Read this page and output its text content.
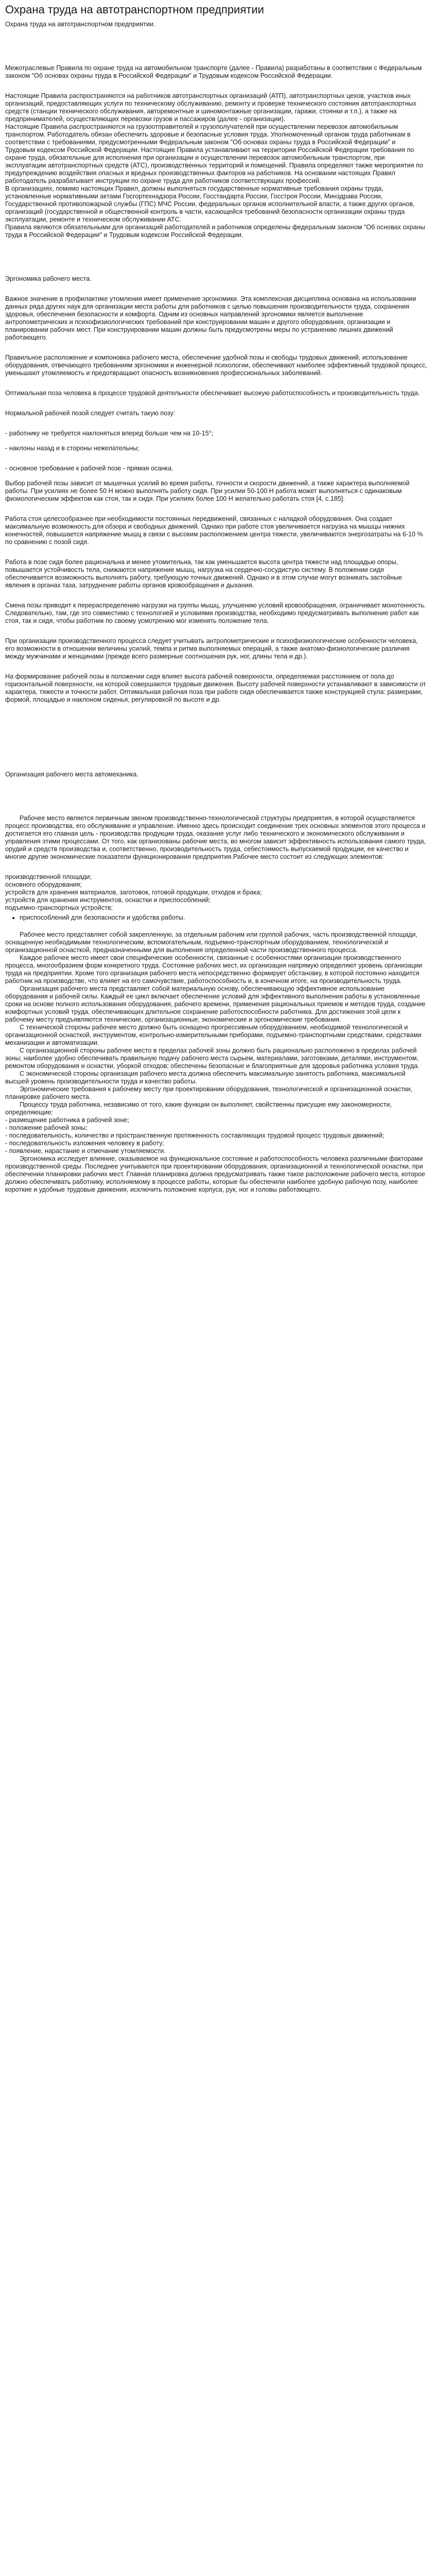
Охрана труда на автотранспортном предприятии

Охрана труда на автотранспортном предприятии.

Межотраслевые Правила по охране труда на автомобильном транспорте (далее - Правила) разработаны в соответствии с Федеральным законом "Об основах охраны труда в Российской Федерации" и Трудовым кодексом Российской Федерации.

Настоящие Правила распространяются на работников автотранспортных организаций (АТП), автотранспортных цехов, участков иных организаций, предоставляющих услуги по техническому обслуживанию, ремонту и проверке технического состояния автотранспортных средств (станции технического обслуживания, авторемонтные и шиномонтажные организации, гаражи, стоянки и т.п.), а также на предпринимателей, осуществляющих перевозки грузов и пассажиров (далее - организации).

Настоящие Правила распространяются на грузоотправителей и грузополучателей при осуществлении перевозок автомобильным транспортом. Работодатель обязан обеспечить здоровые и безопасные условия труда. Уполномоченный органом труда работникам в соответствии с требованиями, предусмотренными Федеральным законом "Об основах охраны труда в Российской Федерации" и Трудовым кодексом Российской Федерации. Настоящие Правила устанавливают на территории Российской Федерации требования по охране труда, обязательные для исполнения при организации и осуществлении перевозок автомобильным транспортом, при эксплуатации автотранспортных средств (АТС), производственных территорий и помещений. Правила определяют также мероприятия по предупреждению воздействия опасных и вредных производственных факторов на работников. На основании настоящих Правил работодатель разрабатывает инструкции по охране труда для работников соответствующих профессий.

В организациях, помимо настоящих Правил, должны выполняться государственные нормативные требования охраны труда, установленные нормативными актами Госгортехнадзора России, Госстандарта России, Госстроя России, Минздрава России, Государственной противопожарной службы (ГПС) МЧС России, федеральных органов исполнительной власти, а также других органов, организаций (государственной и общественной контроль в части, касающейся требований безопасности организации охраны труда эксплуатации, ремонте и техническом обслуживании АТС.

Правила являются обязательными для организаций работодателей и работников определены федеральным законом "Об основах охраны труда в Российской Федерации" и Трудовым кодексом Российской Федерации.

Эргономика рабочего места.

Важное значение в профилактике утомления имеет применение эргономики. Эта комплексная дисциплина основана на использовании данных ряда других наук для организации места работы для работников с целью повышения производительности труда, сохранения здоровья, обеспечения безопасности и комфорта. Одним из основных направлений эргономики является выполнение антропометрических и психофизиологических требований при конструировании машин и другого оборудования, организации и планировании рабочих мест. При конструировании машин должны быть предусмотрены меры по устранению лишних движений работающего.

Правильное расположение и компоновка рабочего места, обеспечение удобной позы и свободы трудовых движений, использование оборудования, отвечающего требованиям эргономики и инженерной психологии, обеспечивают наиболее эффективный трудовой процесс, уменьшают утомляемость и предотвращают опасность возникновения профессиональных заболеваний.

Оптимальная поза человека в процессе трудовой деятельности обеспечивает высокую работоспособность и производительность труда.

Нормальной рабочей позой следует считать такую позу:

- работнику не требуется наклоняться вперед больше чем на 10-15°;

- наклоны назад и в стороны нежелательны;

- основное требование к рабочей позе - прямая осанка.

Выбор рабочей позы зависит от мышечных усилий во время работы, точности и скорости движений, а также характера выполняемой работы. При усилиях не более 50 Н можно выполнять работу сидя. При усилии 50-100 Н работа может выполняться с одинаковым физиологическим эффектом как стоя, так и сидя. При усилиях более 100 Н желательно работать стоя [4, с.185].

Работа стоя целесообразнее при необходимости постоянных передвижений, связанных с наладкой оборудования. Она создает максимальную возможность для обзора и свободных движений. Однако при работе стоя увеличивается нагрузка на мышцы нижних конечностей, повышается напряжение мышц в связи с высоким расположением центра тяжести, увеличиваются энергозатраты на 6-10 % по сравнению с позой сидя.

Работа в позе сидя более рациональна и менее утомительна, так как уменьшается высота центра тяжести над площадью опоры, повышается устойчивость тела, снижаются напряжение мышц, нагрузка на сердечно-сосудистую систему. В положении сидя обеспечивается возможность выполнять работу, требующую точных движений. Однако и в этом случае могут возникать застойные явления в органах таза, затруднение работы органов кровообращения и дыхания.

Смена позы приводит к перераспределению нагрузки на группы мышц, улучшению условий кровообращения, ограничивает монотонность. Следовательно, там, где это совместимо с технологией и условиями производства, необходимо предусматривать выполнение работ как стоя, так и сидя, чтобы работник по своему усмотрению мог изменять положение тела.

При организации производственного процесса следует учитывать антропометрические и психофизиологические особенности человека, его возможности в отношении величины усилий, темпа и ритма выполняемых операций, а также анатомо-физиологические различия между мужчинами и женщинами (прежде всего размерные соотношения рук, ног, длины тела и др.).

На формирование рабочей позы в положении сидя влияет высота рабочей поверхности, определяемая расстоянием от пола до горизонтальной поверхности, на которой совершаются трудовые движения. Высоту рабочей поверхности устанавливают в зависимости от характера, тяжести и точности работ. Оптимальная рабочая поза при работе сидя обеспечивается также конструкцией стула: размерами, формой, площадью и наклоном сиденья, регулировкой по высоте и др.

Организация рабочего места автомеханика.

Рабочее место является первичным звеном производственно-технологической структуры предприятия, в которой осуществляется процесс производства, его обслуживание и управление. Именно здесь происходит соединение трех основных элементов этого процесса и достигается его главная цель - производства продукции труда, оказание услуг либо технического и экономического обслуживания и управления этими процессами. От того, как организованы рабочие места, во многом зависит эффективность использования самого труда, орудий и средств производства и, соответственно, производительность труда, себестоимость выпускаемой продукции, ее качество и многие другие экономические показатели функционирования предприятия.Рабочее место состоит из следующих элементов:

производственной площади;

основного оборудования;

устройств для хранения материалов, заготовок, готовой продукции, отходов и брака;

устройств для хранения инструментов, оснастки и приспособлений;

подъемно-транспортных устройств;

• приспособлений для безопасности и удобства работы.

Рабочее место представляет собой закрепленную, за отдельным рабочим или группой рабочих, часть производственной площади, оснащенную необходимыми технологическим, вспомогательным, подъемно-транспортным оборудованием, технологической и организационной оснасткой, предназначенными для выполнения определенной части производственного процесса.

Каждое рабочее место имеет свои специфические особенности, связанные с особенностями организации производственного процесса, многообразием форм конкретного труда. Состояние рабочих мест, их организация напрямую определяют уровень организации труда на предприятии. Кроме того организация рабочего места непосредственно формирует обстановку, в которой постоянно находится работник на производстве, что влияет на его самочувствие, работоспособность и, в конечном итоге, на производительность труда.

Организация рабочего места представляет собой материальную основу, обеспечивающую эффективное использование оборудования и рабочей силы. Каждый ее цикл включает обеспечение условий для эффективного выполнения работы в установленные сроки на основе полного использования оборудования, рабочего времени, применения рациональных приемов и методов труда, создание комфортных условий труда, обеспечивающих длительное сохранение работоспособности работника. Для достижения этой цели к рабочему месту предъявляются технические, организационные, экономические и эргономические требования.

С технической стороны рабочее место должно быть оснащено прогрессивным оборудованием, необходимой технологической и организационной оснасткой, инструментом, контрольно-измерительными приборами, подъемно-транспортными средствами, средствами механизации и автоматизации.

С организационной стороны рабочее место в пределах рабочей зоны должно быть рационально расположено в пределах рабочей зоны; наиболее удобно обеспечивать правильную подачу рабочего места сырьем, материалами, заготовками, деталями, инструментом, ремонтом оборудования и оснастки, уборкой отходов; обеспечены безопасные и благоприятные для здоровья работника условия труда.

С экономической стороны организация рабочего места должна обеспечить максимальную занятость работника, максимальной высшей уровень производительности труда и качество работы.

Эргономические требования к рабочему месту при проектировании оборудования, технологической и организационной оснастки, планировке рабочего места.

Процессу труда работника, независимо от того, какие функции он выполняет, свойственны присущие ему закономерности, определяющие:

- размещение работника в рабочей зоне;

- положение рабочей зоны;

- последовательность, количество и пространственную протяженность составляющих трудовой процесс трудовых движений;

- последовательность изложения человеку в работу;

- появление, нарастание и отмечание утомляемости.

Эргономика исследует влияние, оказываемое на функциональное состояние и работоспособность человека различными факторами производственной среды. Последнее учитываются при проектировании оборудования, организационной и технологической оснастки, при обеспечении планировки рабочих мест. Главная планировка должна предусматривать также такое расположение рабочего места, которое должно обеспечивать работнику, исполняемому в процессе работы, которые бы обеспечили наиболее удобную рабочую позу, наиболее короткие и удобные трудовые движения, исключить положение корпуса, рук, ног и головы работающего.
